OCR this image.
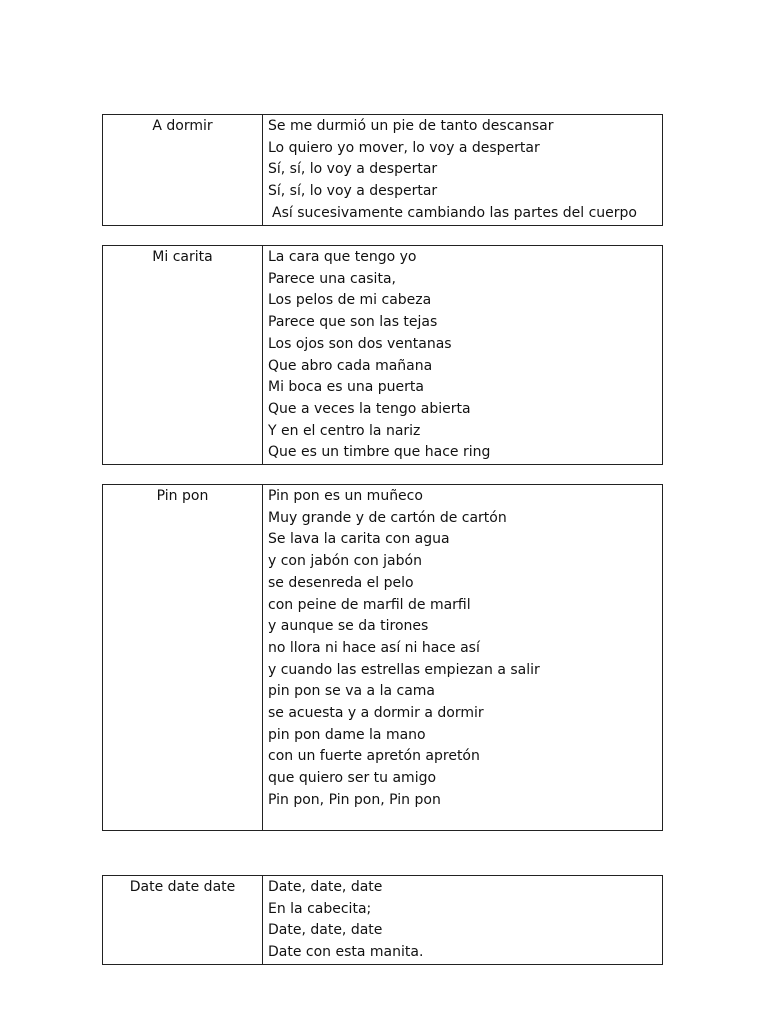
A dormir	Se me durmió un pie de tanto descansar
Lo quiero yo mover, lo voy a despertar
Sí, sí, lo voy a despertar
Sí, sí, lo voy a despertar
Así sucesivamente cambiando las partes del cuerpo
Mi carita	La cara que tengo yo
Parece una casita,
Los pelos de mi cabeza
Parece que son las tejas
Los ojos son dos ventanas
Que abro cada mañana
Mi boca es una puerta
Que a veces la tengo abierta
Y en el centro la nariz
Que es un timbre que hace ring
Pin pon	Pin pon es un muñeco
Muy grande y de cartón de cartón
Se lava la carita con agua
y con jabón con jabón
se desenreda el pelo
con peine de marfil de marfil
y aunque se da tirones
no llora ni hace así ni hace así
y cuando las estrellas empiezan a salir
pin pon se va a la cama
se acuesta y a dormir a dormir
pin pon dame la mano
con un fuerte apretón apretón
que quiero ser tu amigo
Pin pon, Pin pon, Pin pon
Date date date	Date, date, date
En la cabecita;
Date, date, date
Date con esta manita.
